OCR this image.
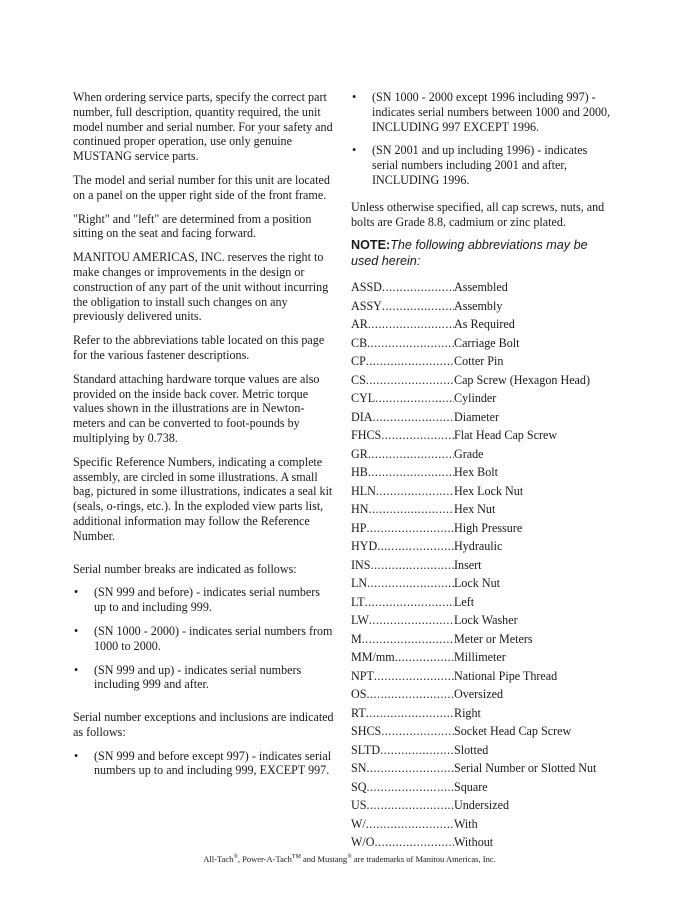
When ordering service parts, specify the correct part number, full description, quantity required, the unit model number and serial number. For your safety and continued proper operation, use only genuine MUSTANG service parts.

The model and serial number for this unit are located on a panel on the upper right side of the front frame.

"Right" and "left" are determined from a position sitting on the seat and facing forward.

MANITOU AMERICAS, INC. reserves the right to make changes or improvements in the design or construction of any part of the unit without incurring the obligation to install such changes on any previously delivered units.

Refer to the abbreviations table located on this page for the various fastener descriptions.

Standard attaching hardware torque values are also provided on the inside back cover. Metric torque values shown in the illustrations are in Newton-meters and can be converted to foot-pounds by multiplying by 0.738.

Specific Reference Numbers, indicating a complete assembly, are circled in some illustrations. A small bag, pictured in some illustrations, indicates a seal kit (seals, o-rings, etc.). In the exploded view parts list, additional information may follow the Reference Number.

Serial number breaks are indicated as follows:

• (SN 999 and before) - indicates serial numbers up to and including 999.
• (SN 1000 - 2000) - indicates serial numbers from 1000 to 2000.
• (SN 999 and up) - indicates serial numbers including 999 and after.

Serial number exceptions and inclusions are indicated as follows:

• (SN 999 and before except 997) - indicates serial numbers up to and including 999, EXCEPT 997.
• (SN 1000 - 2000 except 1996 including 997) - indicates serial numbers between 1000 and 2000, INCLUDING 997 EXCEPT 1996.
• (SN 2001 and up including 1996) - indicates serial numbers including 2001 and after, INCLUDING 1996.

Unless otherwise specified, all cap screws, nuts, and bolts are Grade 8.8, cadmium or zinc plated.

NOTE:The following abbreviations may be used herein:
ASSD .....	Assembled
ASSY .....	Assembly
AR .....	As Required
CB .....	Carriage Bolt
CP .....	Cotter Pin
CS .....	Cap Screw (Hexagon Head)
CYL .....	Cylinder
DIA .....	Diameter
FHCS .....	Flat Head Cap Screw
GR .....	Grade
HB .....	Hex Bolt
HLN .....	Hex Lock Nut
HN .....	Hex Nut
HP .....	High Pressure
HYD .....	Hydraulic
INS .....	Insert
LN .....	Lock Nut
LT .....	Left
LW .....	Lock Washer
M .....	Meter or Meters
MM/mm .....	Millimeter
NPT .....	National Pipe Thread
OS .....	Oversized
RT .....	Right
SHCS .....	Socket Head Cap Screw
SLTD .....	Slotted
SN .....	Serial Number or Slotted Nut
SQ .....	Square
US .....	Undersized
W/ .....	With
W/O .....	Without
All-Tach®, Power-A-Tach™ and Mustang® are trademarks of Manitou Americas, Inc.
